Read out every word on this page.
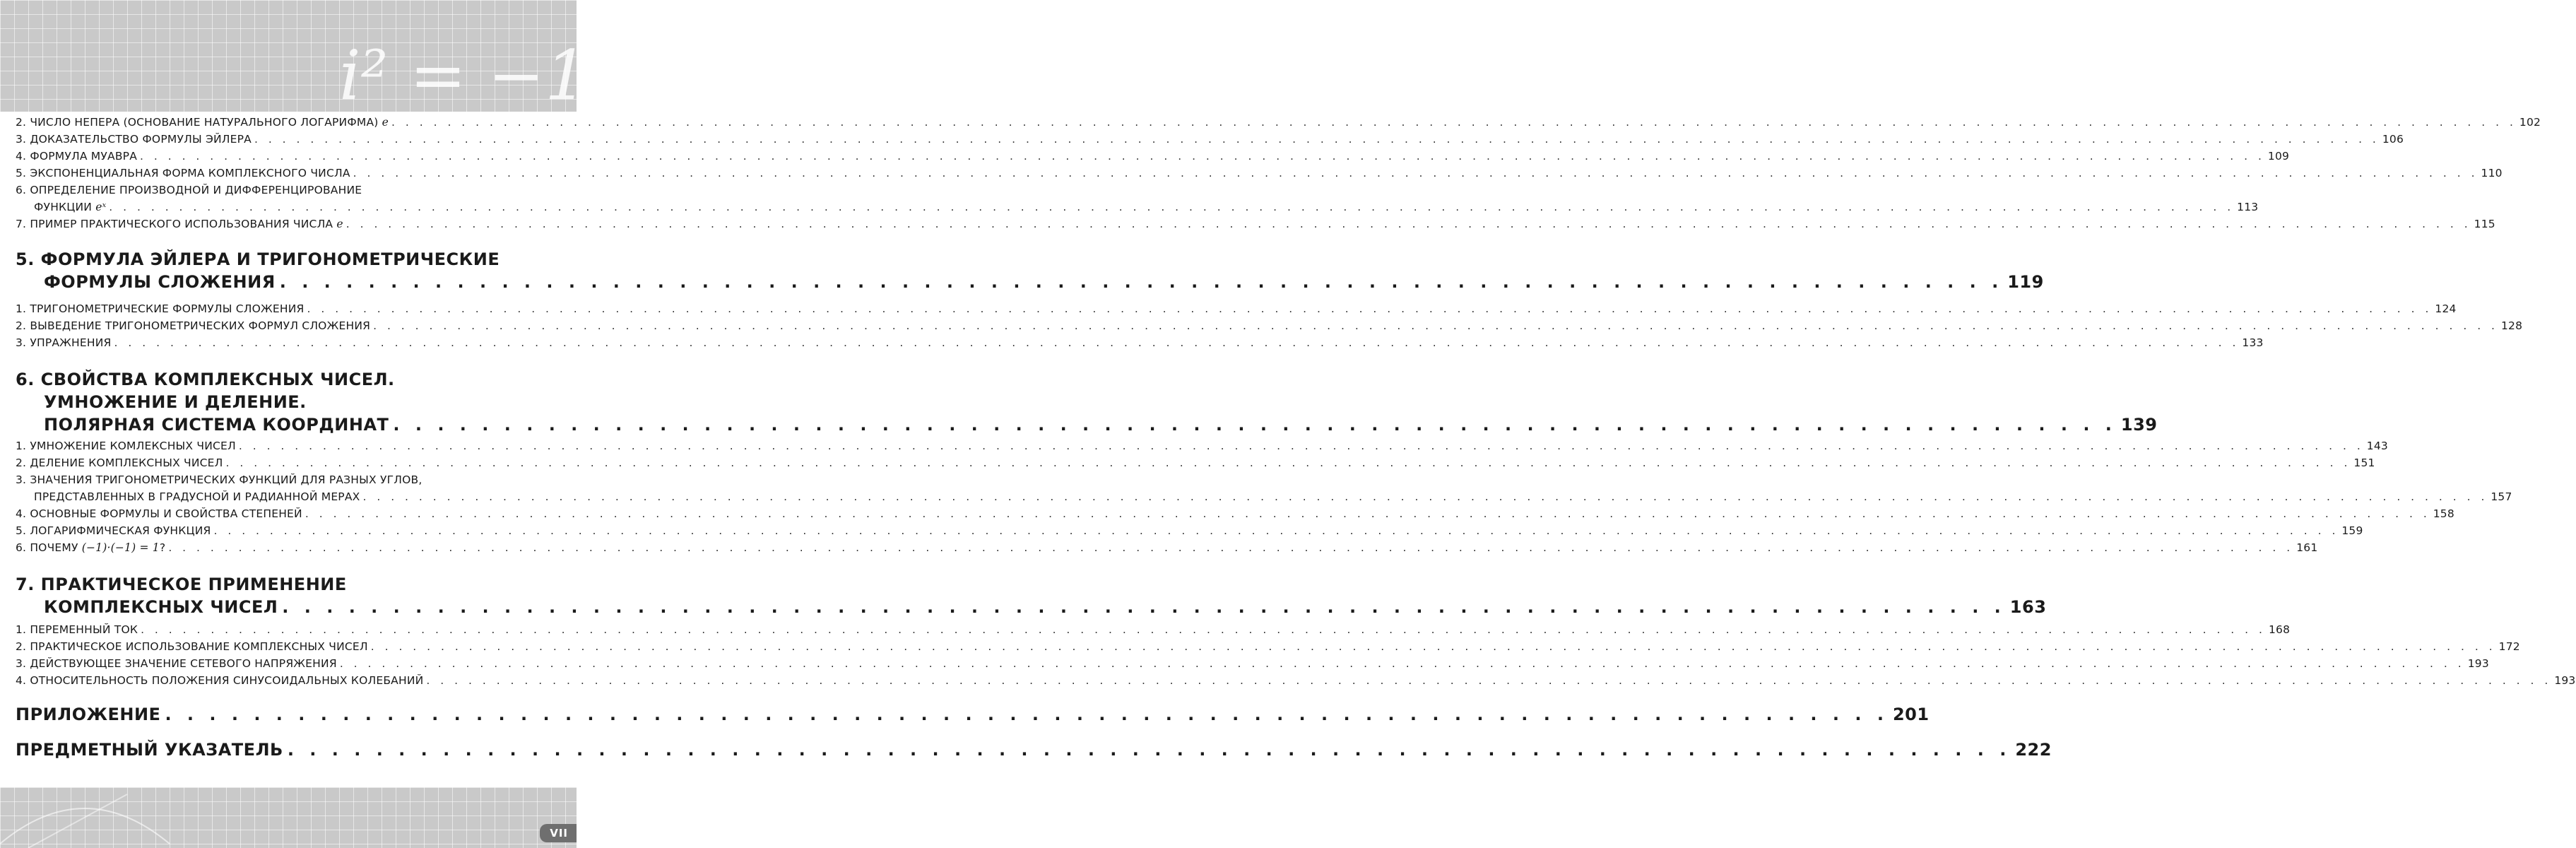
i² = −1
2. ЧИСЛО НЕПЕРА (ОСНОВАНИЕ НАТУРАЛЬНОГО ЛОГАРИФМА) e . . .	102
3. ДОКАЗАТЕЛЬСТВО ФОРМУЛЫ ЭЙЛЕРА . . .	106
4. ФОРМУЛА МУАВРА . . .	109
5. ЭКСПОНЕНЦИАЛЬНАЯ ФОРМА КОМПЛЕКСНОГО ЧИСЛА . . .	110
6. ОПРЕДЕЛЕНИЕ ПРОИЗВОДНОЙ И ДИФФЕРЕНЦИРОВАНИЕ
ФУНКЦИИ eˣ . . .	113
7. ПРИМЕР ПРАКТИЧЕСКОГО ИСПОЛЬЗОВАНИЯ ЧИСЛА e . . .	115
5. ФОРМУЛА ЭЙЛЕРА И ТРИГОНОМЕТРИЧЕСКИЕ
ФОРМУЛЫ СЛОЖЕНИЯ . . .	119
1. ТРИГОНОМЕТРИЧЕСКИЕ ФОРМУЛЫ СЛОЖЕНИЯ . . .	124
2. ВЫВЕДЕНИЕ ТРИГОНОМЕТРИЧЕСКИХ ФОРМУЛ СЛОЖЕНИЯ . . .	128
3. УПРАЖНЕНИЯ . . .	133
6. СВОЙСТВА КОМПЛЕКСНЫХ ЧИСЕЛ.
УМНОЖЕНИЕ И ДЕЛЕНИЕ.
ПОЛЯРНАЯ СИСТЕМА КООРДИНАТ . . .	139
1. УМНОЖЕНИЕ КОМЛЕКСНЫХ ЧИСЕЛ . . .	143
2. ДЕЛЕНИЕ КОМПЛЕКСНЫХ ЧИСЕЛ . . .	151
3. ЗНАЧЕНИЯ ТРИГОНОМЕТРИЧЕСКИХ ФУНКЦИЙ ДЛЯ РАЗНЫХ УГЛОВ,
ПРЕДСТАВЛЕННЫХ В ГРАДУСНОЙ И РАДИАННОЙ МЕРАХ . . .	157
4. ОСНОВНЫЕ ФОРМУЛЫ И СВОЙСТВА СТЕПЕНЕЙ . . .	158
5. ЛОГАРИФМИЧЕСКАЯ ФУНКЦИЯ . . .	159
6. ПОЧЕМУ (−1)·(−1) = 1? . . .	161
7. ПРАКТИЧЕСКОЕ ПРИМЕНЕНИЕ
КОМПЛЕКСНЫХ ЧИСЕЛ . . .	163
1. ПЕРЕМЕННЫЙ ТОК . . .	168
2. ПРАКТИЧЕСКОЕ ИСПОЛЬЗОВАНИЕ КОМПЛЕКСНЫХ ЧИСЕЛ . . .	172
3. ДЕЙСТВУЮЩЕЕ ЗНАЧЕНИЕ СЕТЕВОГО НАПРЯЖЕНИЯ . . .	193
4. ОТНОСИТЕЛЬНОСТЬ ПОЛОЖЕНИЯ СИНУСОИДАЛЬНЫХ КОЛЕБАНИЙ . . .	193
ПРИЛОЖЕНИЕ . . .	201
ПРЕДМЕТНЫЙ УКАЗАТЕЛЬ . . .	222
VII
